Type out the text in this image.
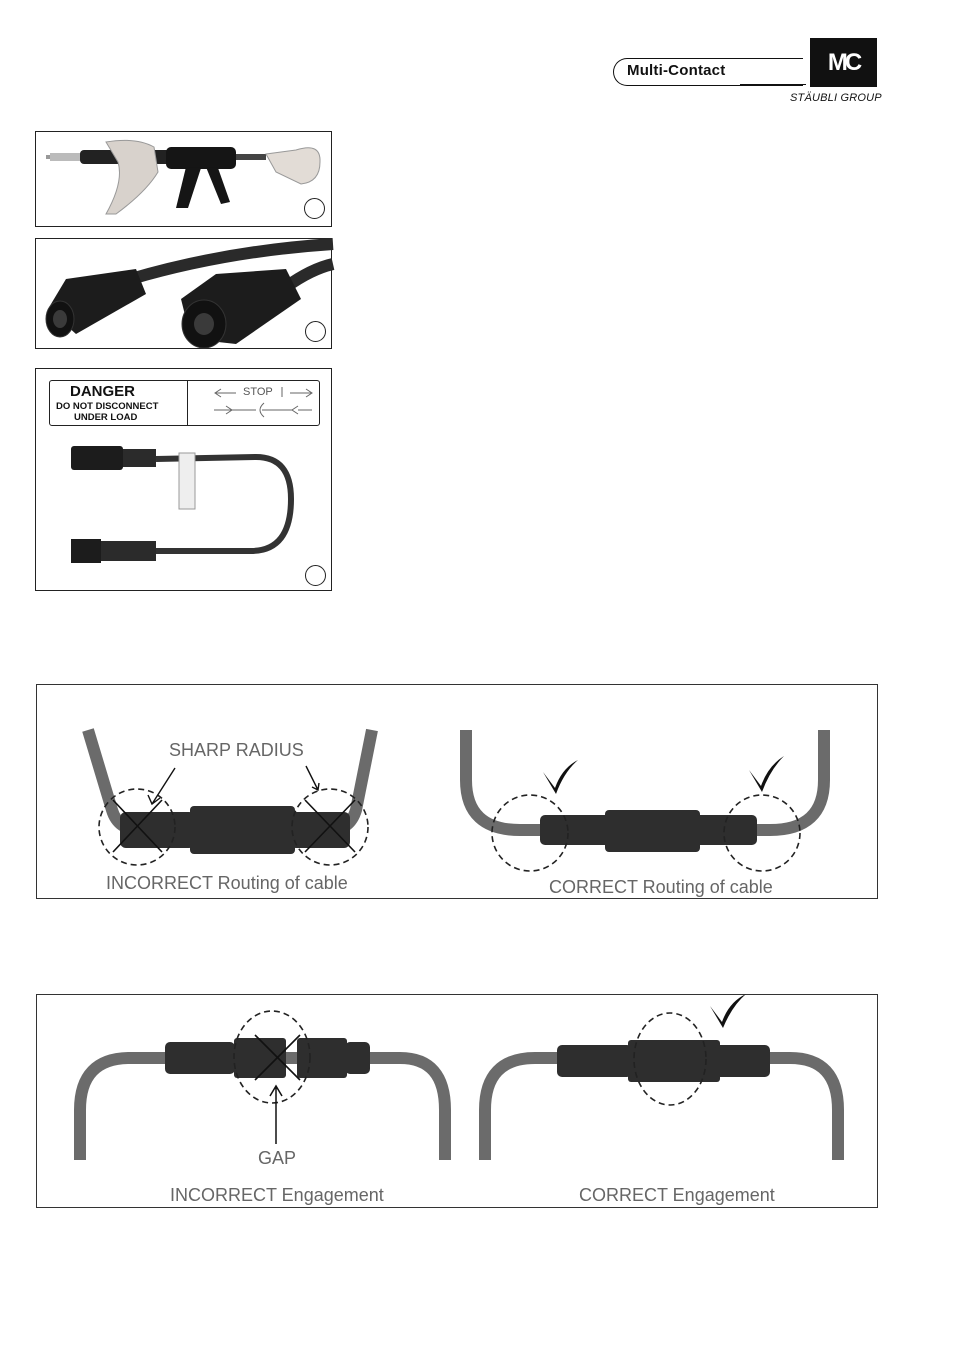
Multi-Contact	MC
STÄUBLI GROUP
DANGER
DO NOT DISCONNECT
UNDER LOAD
STOP
SHARP RADIUS
INCORRECT Routing of cable	CORRECT Routing of cable
GAP
INCORRECT Engagement	CORRECT Engagement
